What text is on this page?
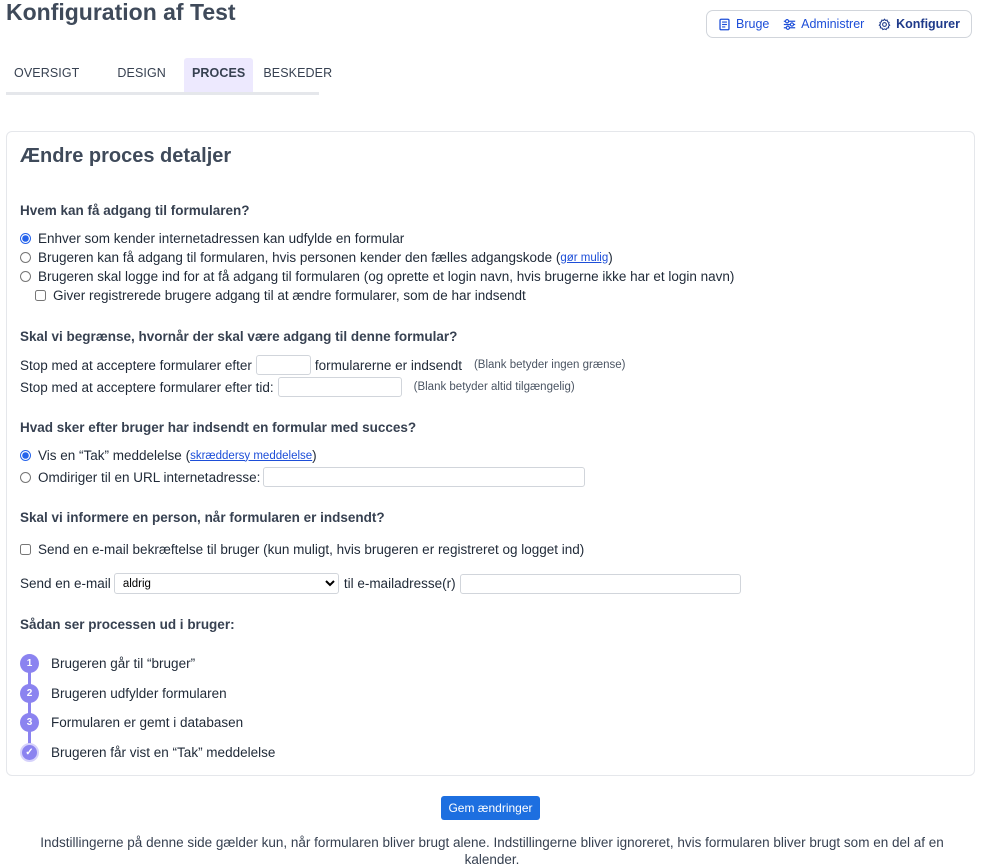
Konfiguration af Test	Bruge	Administrer	Konfigurer
OVERSIGT	DESIGN	PROCES	BESKEDER
Ændre proces detaljer
Hvem kan få adgang til formularen?
Enhver som kender internetadressen kan udfylde en formular
Brugeren kan få adgang til formularen, hvis personen kender den fælles adgangskode ( gør mulig )
Brugeren skal logge ind for at få adgang til formularen (og oprette et login navn, hvis brugerne ikke har et login navn)
Giver registrerede brugere adgang til at ændre formularer, som de har indsendt
Skal vi begrænse, hvornår der skal være adgang til denne formular?
Stop med at acceptere formularer efter	formularerne er indsendt (Blank betyder ingen grænse)
Stop med at acceptere formularer efter tid:	(Blank betyder altid tilgængelig)
Hvad sker efter bruger har indsendt en formular med succes?
Vis en “Tak” meddelelse ( skræddersy meddelelse )
Omdiriger til en URL internetadresse:
Skal vi informere en person, når formularen er indsendt?
Send en e-mail bekræftelse til bruger (kun muligt, hvis brugeren er registreret og logget ind)
Send en e-mail
aldrig	til e-mailadresse(r)
Sådan ser processen ud i bruger:
1	Brugeren går til “bruger”
2	Brugeren udfylder formularen
3	Formularen er gemt i databasen
✓	Brugeren får vist en “Tak” meddelelse
Gem ændringer

Indstillingerne på denne side gælder kun, når formularen bliver brugt alene. Indstillingerne bliver ignoreret, hvis formularen bliver brugt som en del af en kalender.
